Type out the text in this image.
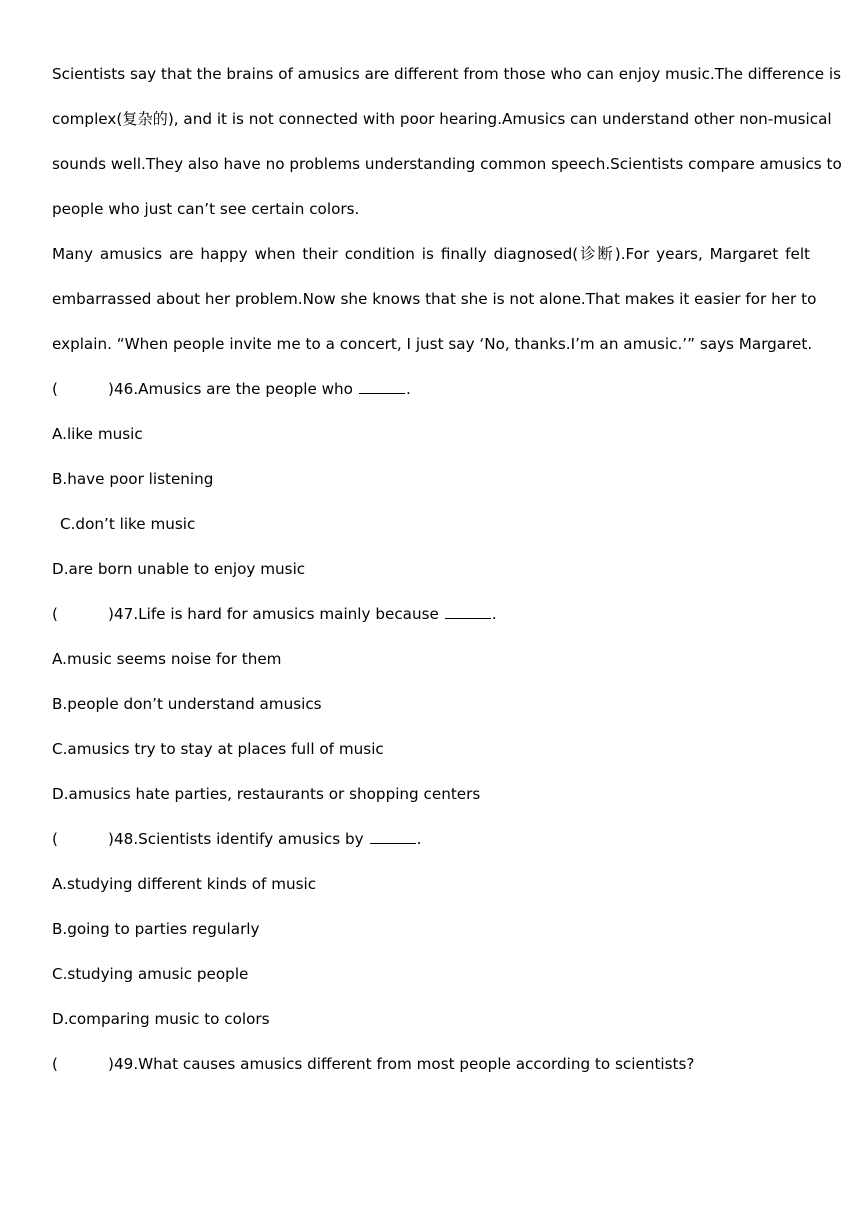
Scientists say that the brains of amusics are different from those who can enjoy music.The difference is
complex(复杂的), and it is not connected with poor hearing.Amusics can understand other non-musical
sounds well.They also have no problems understanding common speech.Scientists compare amusics to
people who just can’t see certain colors.
Many amusics are happy when their condition is finally diagnosed(诊断).For years, Margaret felt
embarrassed about her problem.Now she knows that she is not alone.That makes it easier for her to
explain. “When people invite me to a concert, I just say ‘No, thanks.I’m an amusic.’” says Margaret.
(	)46.Amusics are the people who	.
A.like music
B.have poor listening
C.don’t like music
D.are born unable to enjoy music
(	)47.Life is hard for amusics mainly because	.
A.music seems noise for them
B.people don’t understand amusics
C.amusics try to stay at places full of music
D.amusics hate parties, restaurants or shopping centers
(	)48.Scientists identify amusics by	.
A.studying different kinds of music
B.going to parties regularly
C.studying amusic people
D.comparing music to colors
(	)49.What causes amusics different from most people according to scientists?
